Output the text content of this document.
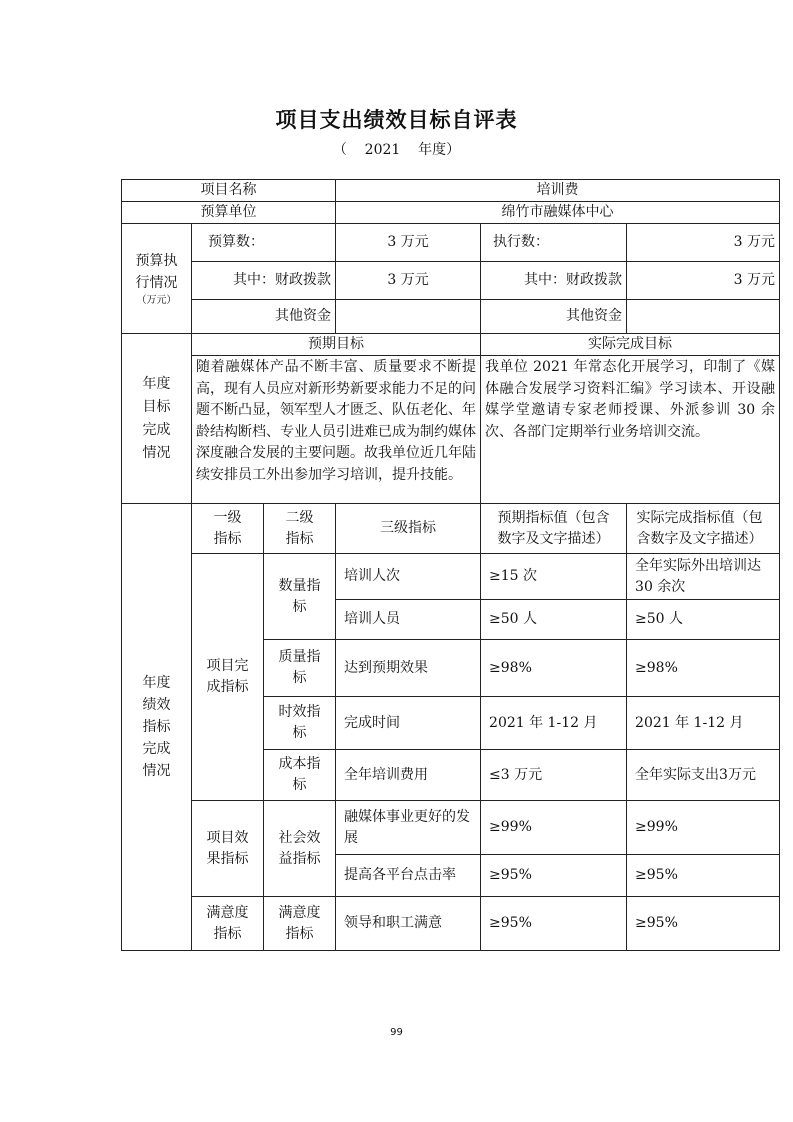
项目支出绩效目标自评表
（ 2021 年度）
项目名称			培训费		
预算单位			绵竹市融媒体中心		

预算执行情况
（万元）	预算数：		3 万元	执行数：	3 万元
	其中：财政拨款		3 万元	其中：财政拨款	3 万元
	其他资金			其他资金	

年度目标完成情况	预期目标			实际完成目标	
	随着融媒体产品不断丰富、质量要求不断提高，现有人员应对新形势新要求能力不足的问题不断凸显，领军型人才匮乏、队伍老化、年龄结构断档、专业人员引进难已成为制约媒体深度融合发展的主要问题。故我单位近几年陆续安排员工外出参加学习培训，提升技能。			我单位 2021 年常态化开展学习，印制了《媒体融合发展学习资料汇编》学习读本、开设融媒学堂邀请专家老师授课、外派参训 30 余次、各部门定期举行业务培训交流。	

年度绩效指标完成情况	一级指标	二级指标	三级指标	预期指标值（包含数字及文字描述）	实际完成指标值（包含数字及文字描述）

	项目完成指标	数量指标	培训人次	≥15 次	全年实际外出培训达 30 余次
			培训人员	≥50 人	≥50 人

		质量指标	达到预期效果	≥98%	≥98%

		时效指标	完成时间	2021 年 1-12 月	2021 年 1-12 月

		成本指标	全年培训费用	≤3 万元	全年实际支出3万元

	项目效果指标	社会效益指标	融媒体事业更好的发展	≥99%	≥99%
			提高各平台点击率	≥95%	≥95%

	满意度指标	满意度指标	领导和职工满意	≥95%	≥95%
99
